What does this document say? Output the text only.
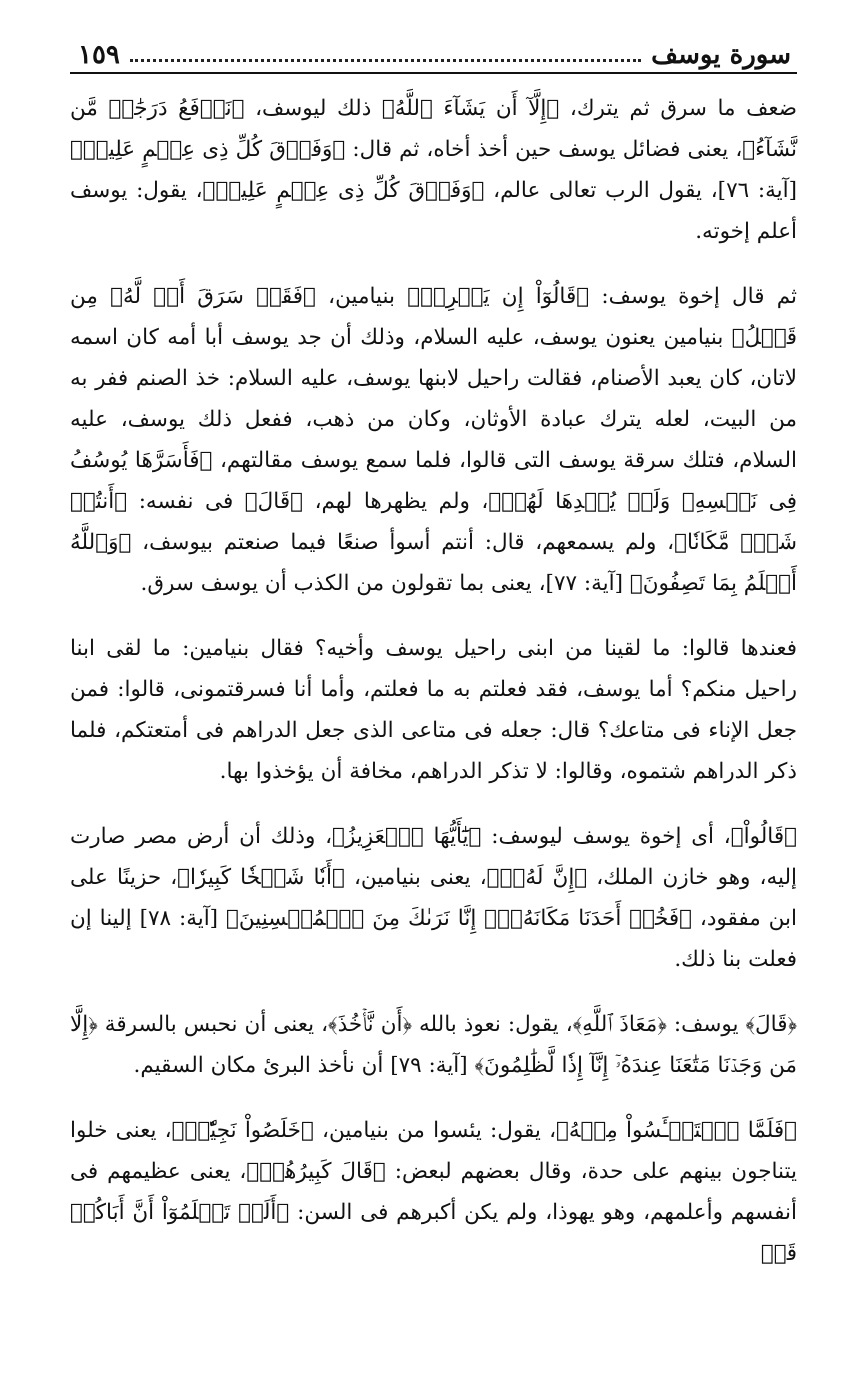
سورة يوسف
١٥٩

ضعف ما سرق ثم يترك، ﴿إِلَّآ أَن يَشَآءَ ٱللَّهُ﴾ ذلك ليوسف، ﴿نَرۡفَعُ دَرَجَٰتٖ مَّن نَّشَآءُ﴾، يعنى فضائل يوسف حين أخذ أخاه، ثم قال: ﴿وَفَوۡقَ كُلِّ ذِى عِلۡمٍ عَلِيمٞ﴾ [آية: ٧٦]، يقول الرب تعالى عالم، ﴿وَفَوۡقَ كُلِّ ذِى عِلۡمٍ عَلِيمٞ﴾، يقول: يوسف أعلم إخوته.

ثم قال إخوة يوسف: ﴿قَالُوٓاْ إِن يَسۡرِقۡ﴾ بنيامين، ﴿فَقَدۡ سَرَقَ أَخٞ لَّهُۥ مِن قَبۡلُ﴾ بنيامين يعنون يوسف، عليه السلام، وذلك أن جد يوسف أبا أمه كان اسمه لاتان، كان يعبد الأصنام، فقالت راحيل لابنها يوسف، عليه السلام: خذ الصنم ففر به من البيت، لعله يترك عبادة الأوثان، وكان من ذهب، ففعل ذلك يوسف، عليه السلام، فتلك سرقة يوسف التى قالوا، فلما سمع يوسف مقالتهم، ﴿فَأَسَرَّهَا يُوسُفُ فِى نَفۡسِهِۦ وَلَمۡ يُبۡدِهَا لَهُمۡ﴾، ولم يظهرها لهم، ﴿قَالَ﴾ فى نفسه: ﴿أَنتُمۡ شَرّٞ مَّكَانٗا﴾، ولم يسمعهم، قال: أنتم أسوأ صنعًا فيما صنعتم بيوسف، ﴿وَٱللَّهُ أَعۡلَمُ بِمَا تَصِفُونَ﴾ [آية: ٧٧]، يعنى بما تقولون من الكذب أن يوسف سرق.

فعندها قالوا: ما لقينا من ابنى راحيل يوسف وأخيه؟ فقال بنيامين: ما لقى ابنا راحيل منكم؟ أما يوسف، فقد فعلتم به ما فعلتم، وأما أنا فسرقتمونى، قالوا: فمن جعل الإناء فى متاعك؟ قال: جعله فى متاعى الذى جعل الدراهم فى أمتعتكم، فلما ذكر الدراهم شتموه، وقالوا: لا تذكر الدراهم، مخافة أن يؤخذوا بها.

﴿قَالُواْ﴾، أى إخوة يوسف ليوسف: ﴿يَٰٓأَيُّهَا ٱلۡعَزِيزُ﴾، وذلك أن أرض مصر صارت إليه، وهو خازن الملك، ﴿إِنَّ لَهُۥٓ﴾، يعنى بنيامين، ﴿أَبٗا شَيۡخٗا كَبِيرٗا﴾، حزينًا على ابن مفقود، ﴿فَخُذۡ أَحَدَنَا مَكَانَهُۥٓۖ إِنَّا نَرَىٰكَ مِنَ ٱلۡمُحۡسِنِينَ﴾ [آية: ٧٨] إلينا إن فعلت بنا ذلك.

﴿قَالَ﴾ يوسف: ﴿مَعَاذَ ٱللَّهِ﴾، يقول: نعوذ بالله ﴿أَن نَّأۡخُذَ﴾، يعنى أن نحبس بالسرقة ﴿إِلَّا مَن وَجَدۡنَا مَتَٰعَنَا عِندَهُۥٓ إِنَّآ إِذٗا لَّظَٰلِمُونَ﴾ [آية: ٧٩] أن نأخذ البرئ مكان السقيم.

﴿فَلَمَّا ٱسۡتَيۡـَٔسُواْ مِنۡهُ﴾، يقول: يئسوا من بنيامين، ﴿خَلَصُواْ نَجِيّٗاۖ﴾، يعنى خلوا يتناجون بينهم على حدة، وقال بعضهم لبعض: ﴿قَالَ كَبِيرُهُمۡ﴾، يعنى عظيمهم فى أنفسهم وأعلمهم، وهو يهوذا، ولم يكن أكبرهم فى السن: ﴿أَلَمۡ تَعۡلَمُوٓاْ أَنَّ أَبَاكُمۡ قَدۡ
